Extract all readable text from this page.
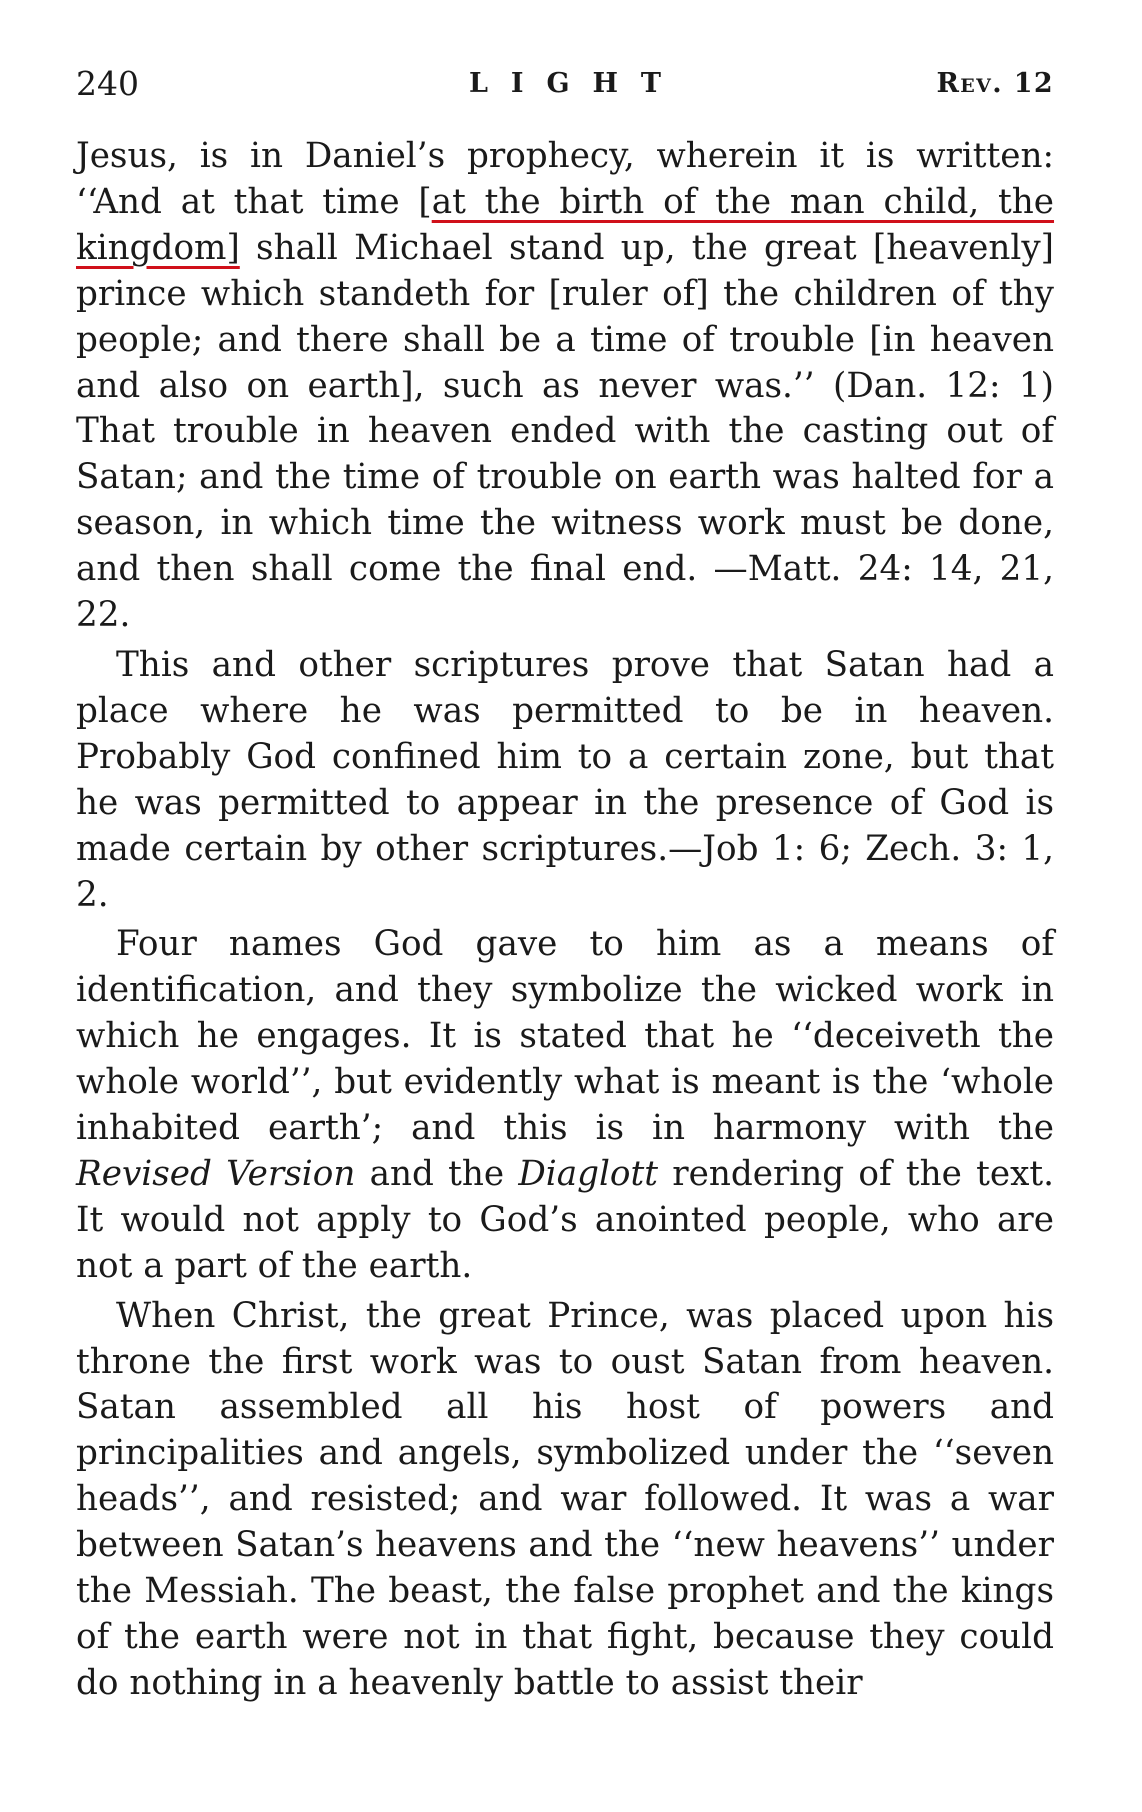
240	LIGHT	Rev. 12

Jesus, is in Daniel’s prophecy, wherein it is written: ‘‘And at that time [at the birth of the man child, the kingdom] shall Michael stand up, the great [heavenly] prince which standeth for [ruler of] the children of thy people; and there shall be a time of trouble [in heaven and also on earth], such as never was.’’ (Dan. 12: 1) That trouble in heaven ended with the casting out of Satan; and the time of trouble on earth was halted for a season, in which time the witness work must be done, and then shall come the final end. —Matt. 24: 14, 21, 22.

This and other scriptures prove that Satan had a place where he was permitted to be in heaven. Probably God confined him to a certain zone, but that he was permitted to appear in the presence of God is made certain by other scriptures.—Job 1: 6; Zech. 3: 1, 2.

Four names God gave to him as a means of identification, and they symbolize the wicked work in which he engages. It is stated that he ‘‘deceiveth the whole world’’, but evidently what is meant is the ‘whole inhabited earth’; and this is in harmony with the Revised Version and the Diaglott rendering of the text. It would not apply to God’s anointed people, who are not a part of the earth.

When Christ, the great Prince, was placed upon his throne the first work was to oust Satan from heaven. Satan assembled all his host of powers and principalities and angels, symbolized under the ‘‘seven heads’’, and resisted; and war followed. It was a war between Satan’s heavens and the ‘‘new heavens’’ under the Messiah. The beast, the false prophet and the kings of the earth were not in that fight, because they could do nothing in a heavenly battle to assist their
